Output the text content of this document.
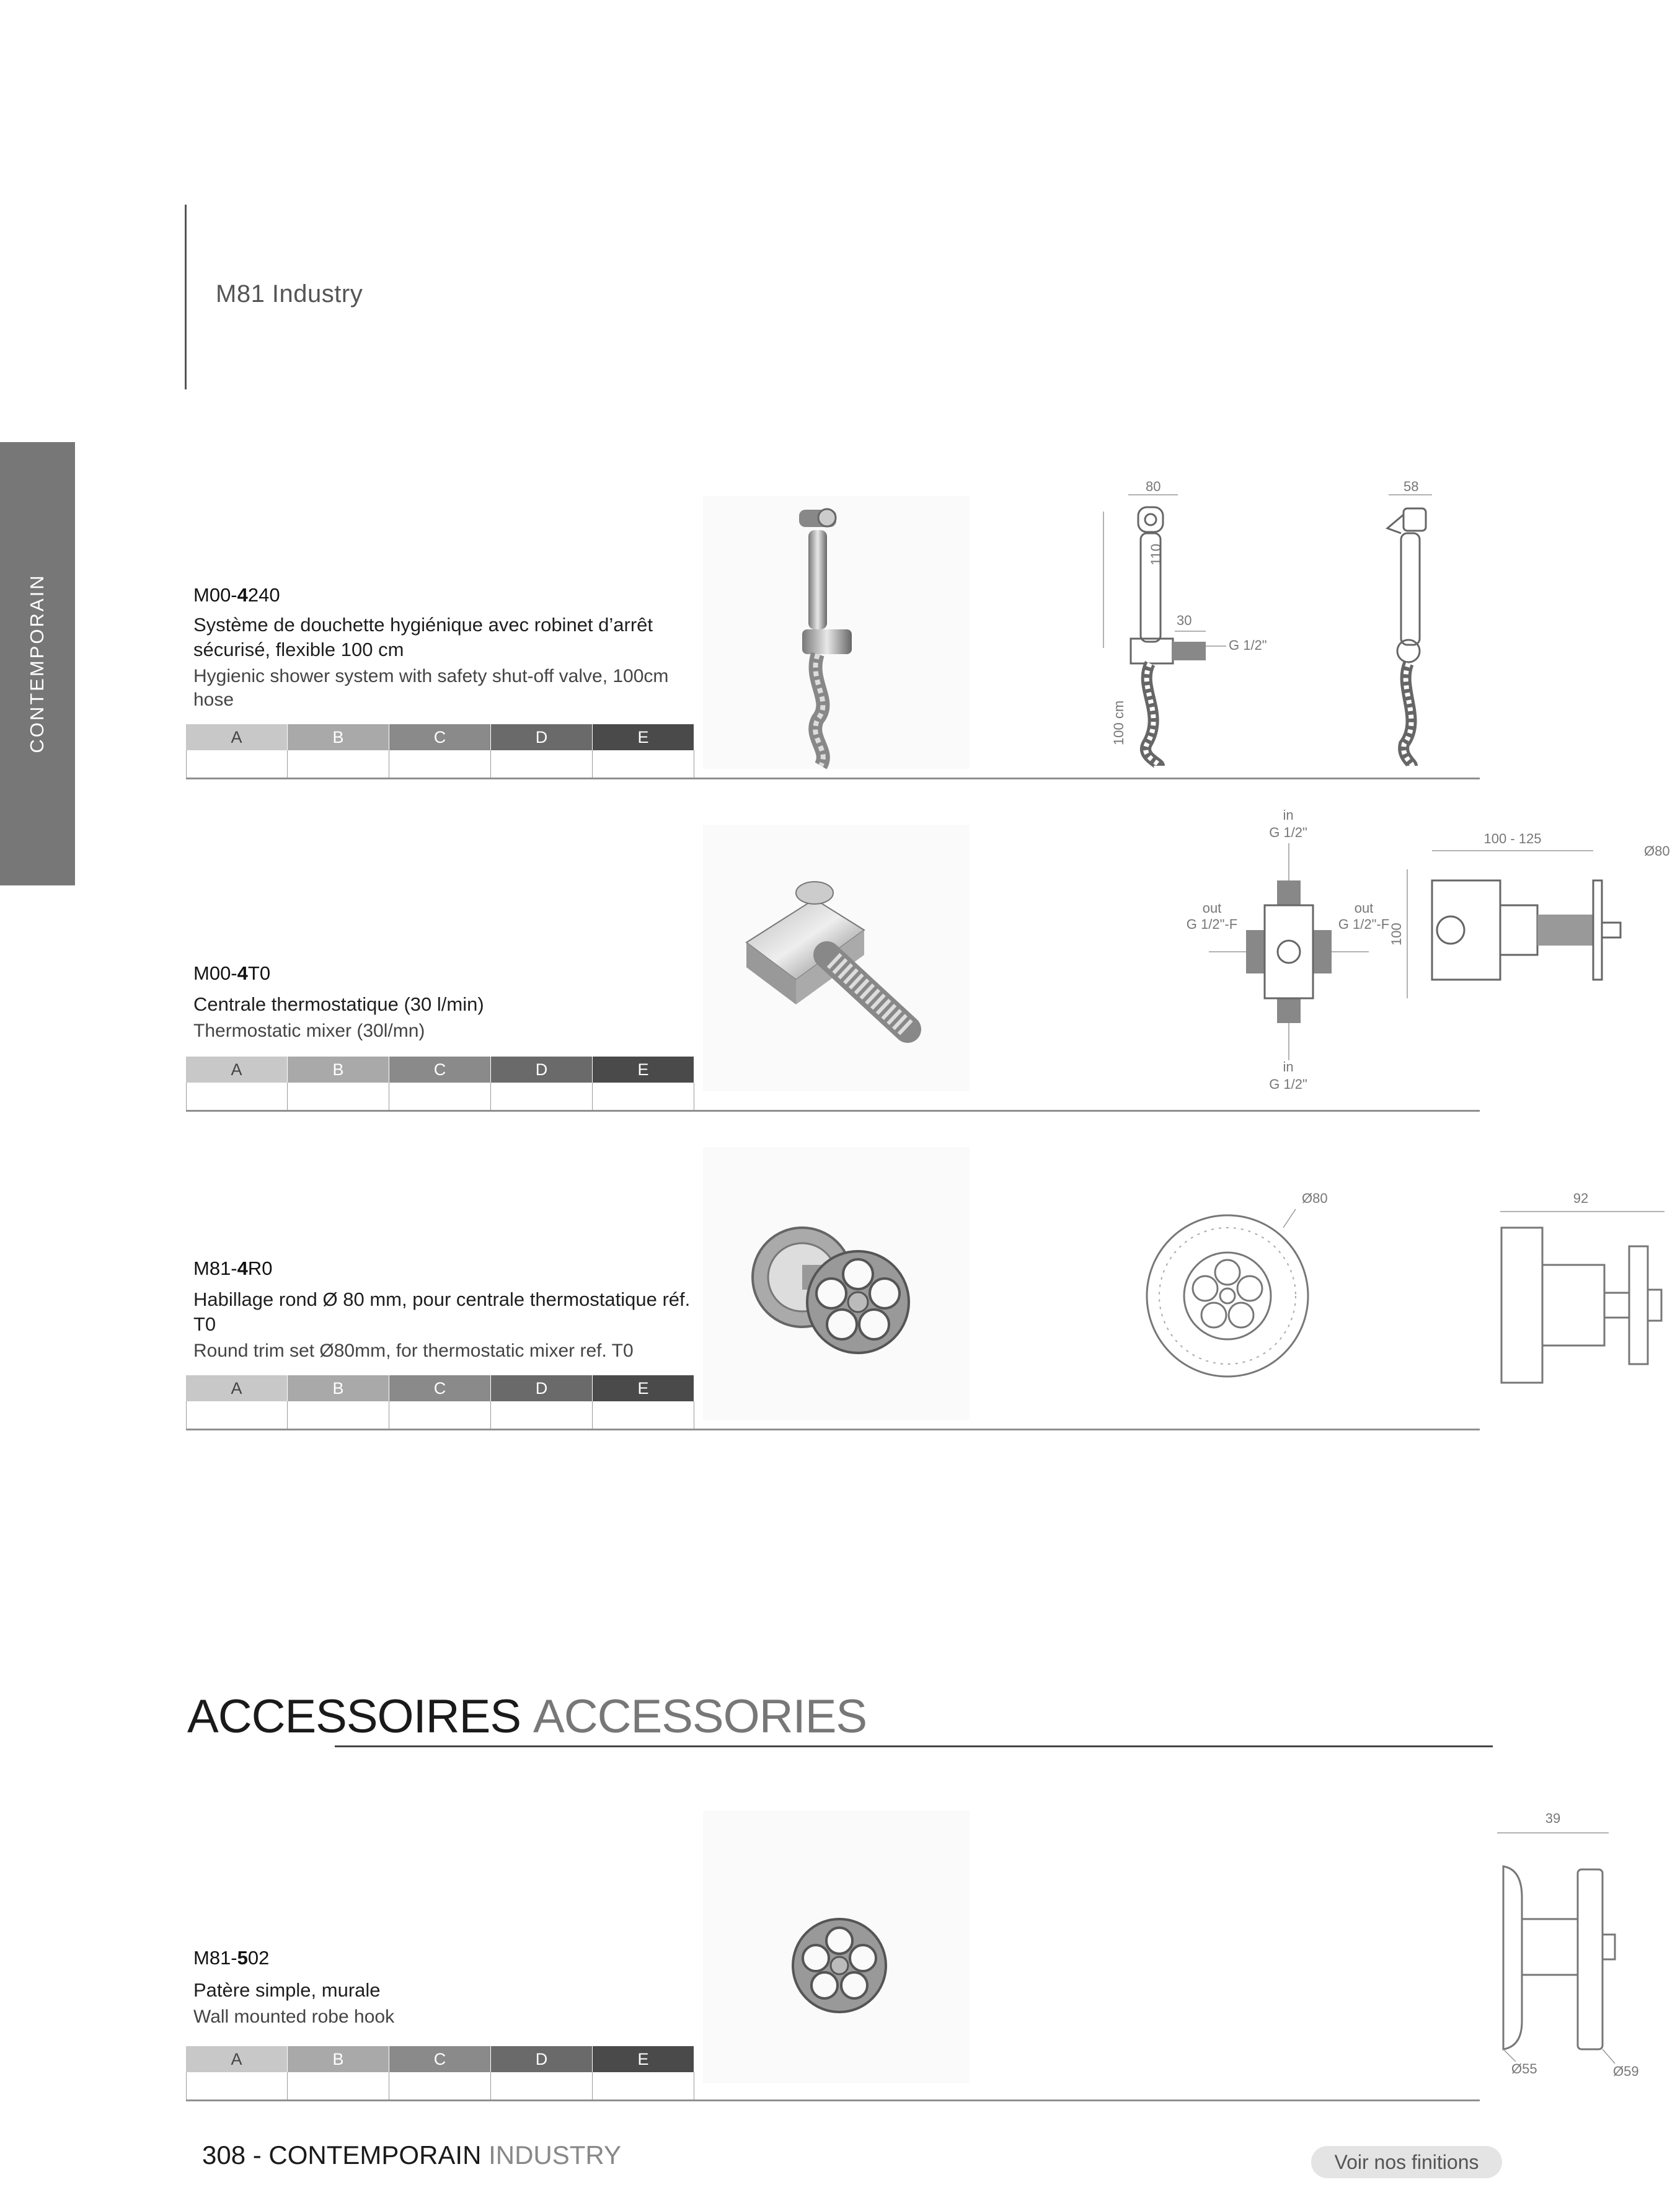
M81 Industry
CONTEMPORAIN	M00-4240
Système de douchette hygiénique avec robinet d’arrêt sécurisé, flexible 100 cm
Hygienic shower system with safety shut-off valve, 100cm hose
A	B	C	D	E
80
110
30
G 1/2"
100 cm
58
M00-4T0
Centrale thermostatique (30 l/min)
Thermostatic mixer (30l/mn)
A	B	C	D	E
in
G 1/2"
out
G 1/2"-F
out
G 1/2"-F
in
G 1/2"
100 - 125
Ø80
100
M81-4R0
Habillage rond Ø 80 mm, pour centrale thermostatique réf. T0
Round trim set Ø80mm, for thermostatic mixer ref. T0
A	B	C	D	E
Ø80	92
ACCESSOIRES ACCESSORIES
M81-502
Patère simple, murale
Wall mounted robe hook
A	B	C	D	E
39
Ø55	Ø59
308 - CONTEMPORAIN INDUSTRY	Voir nos finitions
